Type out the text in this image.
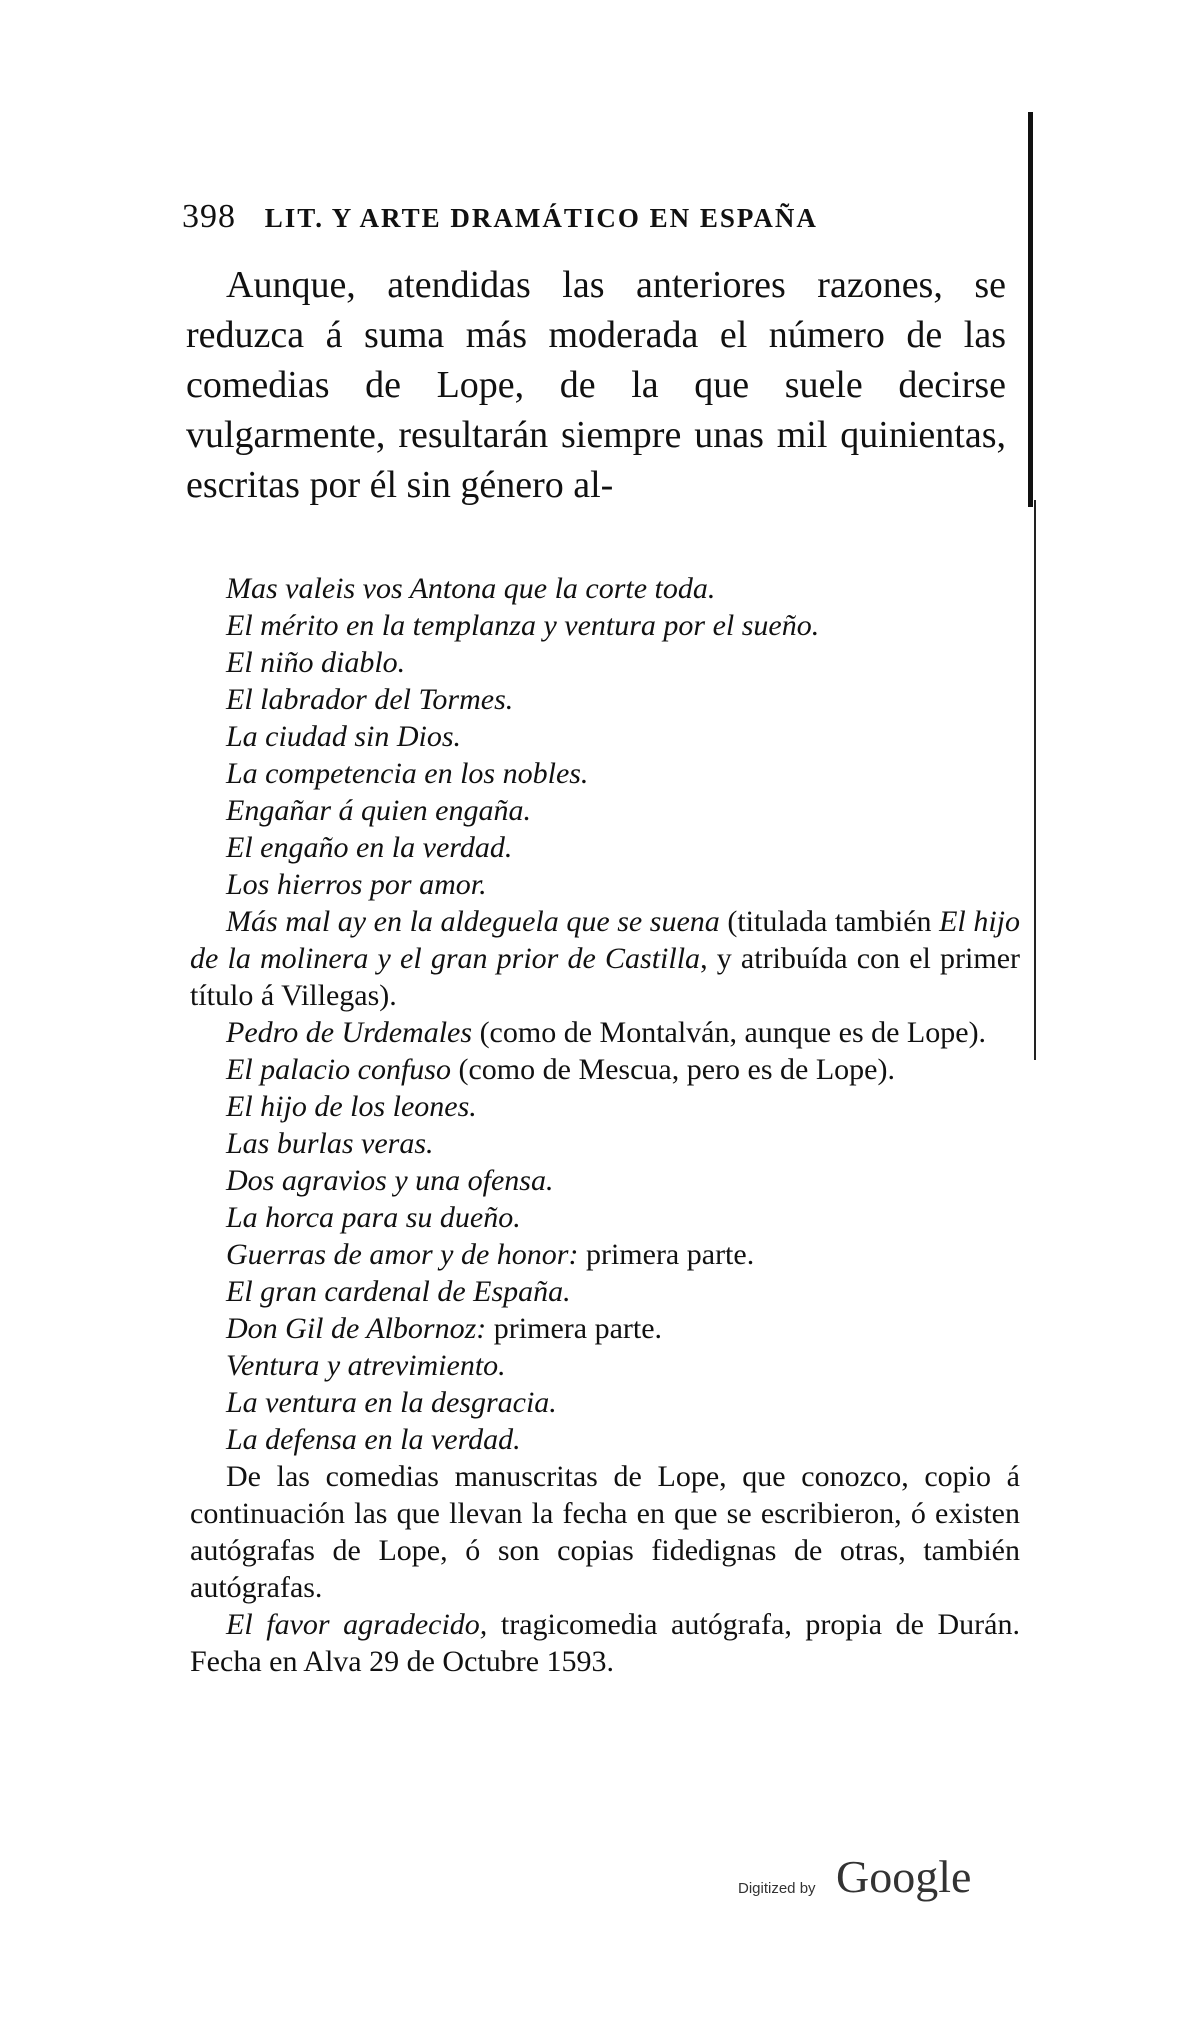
398 LIT. Y ARTE DRAMÁTICO EN ESPAÑA
Aunque, atendidas las anteriores razones, se reduzca á suma más moderada el número de las comedias de Lope, de la que suele decirse vulgarmente, resultarán siempre unas mil quinientas, escritas por él sin género al-
Mas valeis vos Antona que la corte toda.
El mérito en la templanza y ventura por el sueño.
El niño diablo.
El labrador del Tormes.
La ciudad sin Dios.
La competencia en los nobles.
Engañar á quien engaña.
El engaño en la verdad.
Los hierros por amor.
Más mal ay en la aldeguela que se suena (titulada también El hijo de la molinera y el gran prior de Castilla, y atribuída con el primer título á Villegas).
Pedro de Urdemales (como de Montalván, aunque es de Lope).
El palacio confuso (como de Mescua, pero es de Lope).
El hijo de los leones.
Las burlas veras.
Dos agravios y una ofensa.
La horca para su dueño.
Guerras de amor y de honor: primera parte.
El gran cardenal de España.
Don Gil de Albornoz: primera parte.
Ventura y atrevimiento.
La ventura en la desgracia.
La defensa en la verdad.
De las comedias manuscritas de Lope, que conozco, copio á continuación las que llevan la fecha en que se escribieron, ó existen autógrafas de Lope, ó son copias fidedignas de otras, también autógrafas.
El favor agradecido, tragicomedia autógrafa, propia de Durán. Fecha en Alva 29 de Octubre 1593.
Digitized by Google
